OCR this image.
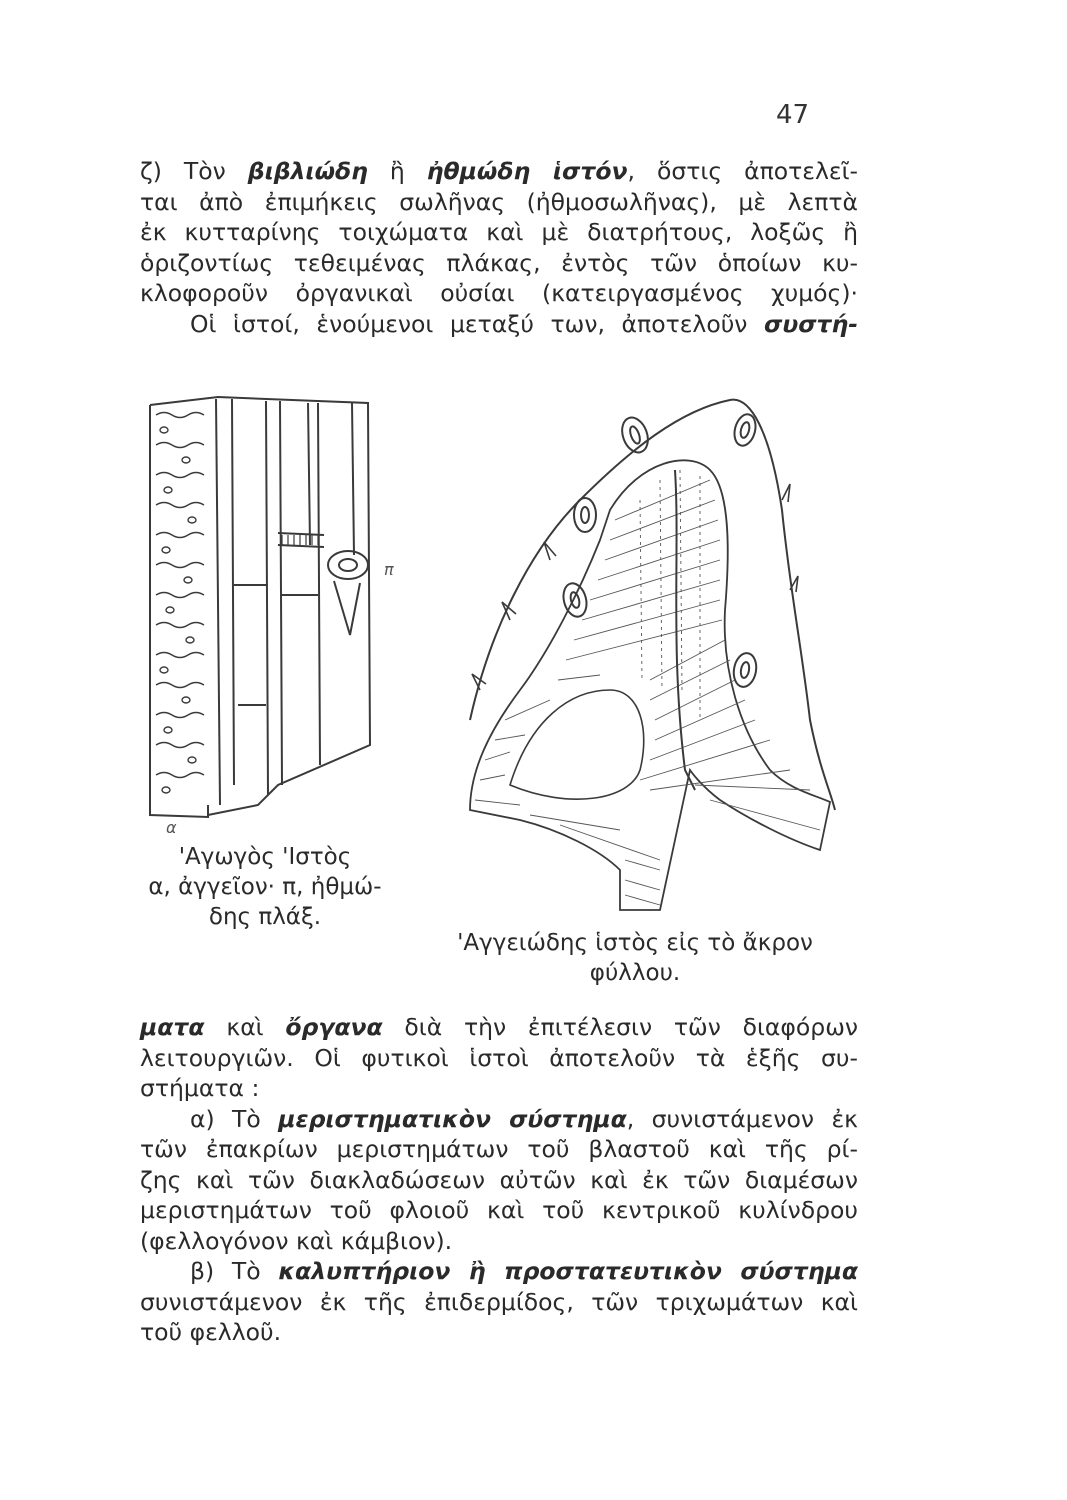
47

ζ) Τὸν βιβλιώδη ἢ ἠθμώδη ἱστόν, ὅστις ἀποτελεῖ-
ται ἀπὸ ἐπιμήκεις σωλῆνας (ἠθμοσωλῆνας), μὲ λεπτὰ
ἐκ κυτταρίνης τοιχώματα καὶ μὲ διατρήτους, λοξῶς ἢ
ὁριζοντίως τεθειμένας πλάκας, ἐντὸς τῶν ὁποίων κυ-
κλοφοροῦν ὀργανικαὶ οὐσίαι (κατειργασμένος χυμός)·
Οἱ ἱστοί, ἑνούμενοι μεταξύ των, ἀποτελοῦν συστή-

α
π
'Αγωγὸς 'Ιστὸς
α, ἀγγεῖον· π, ἠθμώ-
δης πλάξ.
'Αγγειώδης ἱστὸς εἰς τὸ ἄκρον
φύλλου.

ματα καὶ ὄργανα διὰ τὴν ἐπιτέλεσιν τῶν διαφόρων
λειτουργιῶν. Οἱ φυτικοὶ ἱστοὶ ἀποτελοῦν τὰ ἑξῆς συ-
στήματα :
α) Τὸ μεριστηματικὸν σύστημα, συνιστάμενον ἐκ
τῶν ἐπακρίων μεριστημάτων τοῦ βλαστοῦ καὶ τῆς ρί-
ζης καὶ τῶν διακλαδώσεων αὐτῶν καὶ ἐκ τῶν διαμέσων
μεριστημάτων τοῦ φλοιοῦ καὶ τοῦ κεντρικοῦ κυλίνδρου
(φελλογόνον καὶ κάμβιον).
β) Τὸ καλυπτήριον ἢ προστατευτικὸν σύστημα
συνιστάμενον ἐκ τῆς ἐπιδερμίδος, τῶν τριχωμάτων καὶ
τοῦ φελλοῦ.
